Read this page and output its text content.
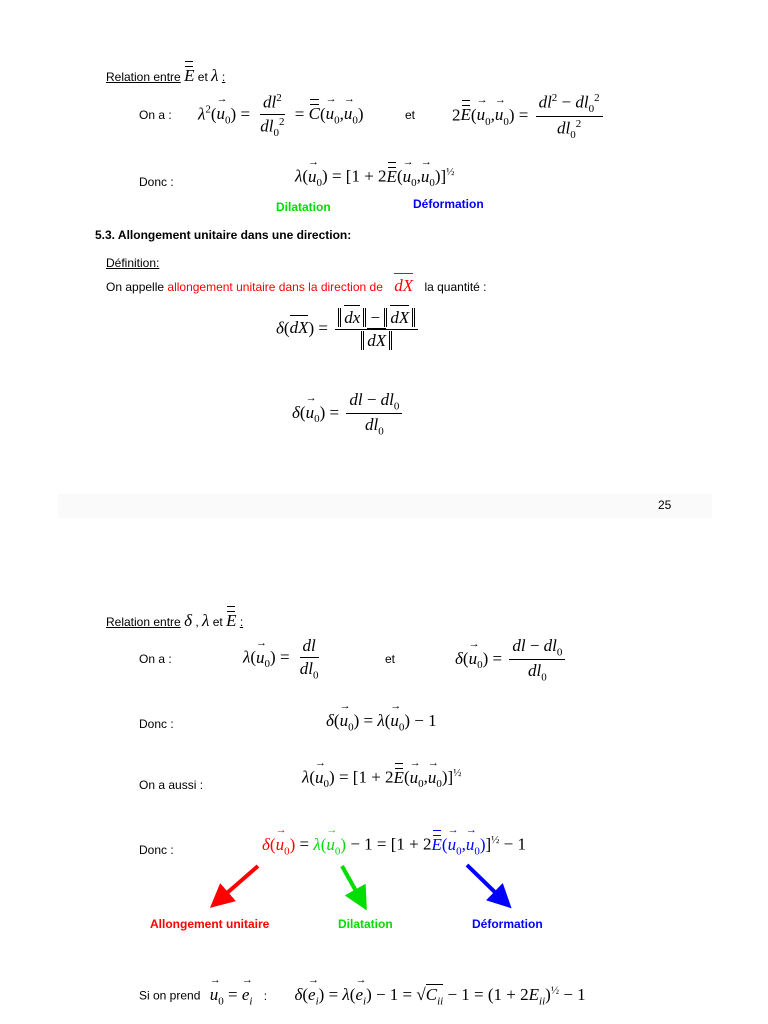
Relation entre E et λ :
On a : $\lambda^2(\to u_0) = \frac{dl^2}{dl_0^2} = C(\to u_0,\to u_0)$	et $2E(\to u_0,\to u_0) = \frac{dl^2 - dl_0^2}{dl_0^2}$
Donc :	$\lambda(\to u_0) = [1 + 2E(\to u_0,\to u_0)]^{\frac{1}{2}}$
Dilatation	Déformation
5.3. Allongement unitaire dans une direction:
Définition:
On appelle allongement unitaire dans la direction de dX la quantité :
$\delta(dX) = \frac{dx - dX}{dX}$
$\delta(\to u_0) = \frac{dl - dl_0}{dl_0}$
25
Relation entre δ , λ et E :
On a :	$\lambda(\to u_0) = \frac{dl}{dl_0}$	et	$\delta(\to u_0) = \frac{dl - dl_0}{dl_0}$
Donc :	$\delta(\to u_0) = \lambda(\to u_0) - 1$
On a aussi :	$\lambda(\to u_0) = [1 + 2E(\to u_0,\to u_0)]^{\frac{1}{2}}$
Donc :	$\delta(\to u_0) = \lambda(\to u_0) - 1 = [1 + 2E(\to u_0,\to u_0)]^{\frac{1}{2}} - 1$
Allongement unitaire	Dilatation	Déformation
Si on prend → $u_0$ = → $e_i$ : $\delta(\to e_i) = \lambda(\to e_i) - 1 = √C_{ii} - 1 = (1 + 2E_{ii})^{\frac{1}{2}} - 1$
